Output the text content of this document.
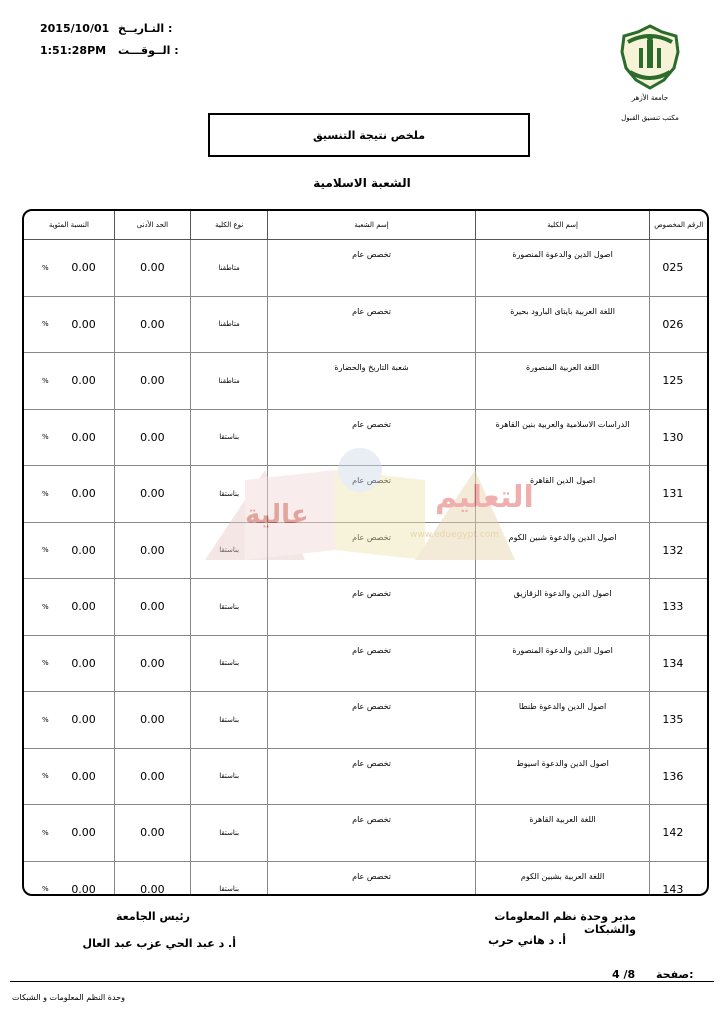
التـاريــخ :
2015/10/01
الــوقـــت :
1:51:28PM
جامعة الأزهر
مكتب تنسيق القبول
ملخص نتيجة التنسيق
الشعبة الاسلامية
الرقم المخصوص	إسم الكلية	إسم الشعبة	نوع الكلية	الحد الأدنى	النسبة المئوية
025	اصول الدين والدعوة المنصورة	تخصص عام	متاطقنا	0.00	0.00
%

026	اللغة العربية بايتاى البارود بحيرة	تخصص عام	متاطقنا	0.00	0.00
%

125	اللغة العربية المنصورة	شعبة التاريخ والحضارة	متاطقنا	0.00	0.00
%

130	الدراسات الاسلامية والعربية بنين القاهرة	تخصص عام	بناستقا	0.00	0.00
%

131	اصول الدين القاهرة	تخصص عام	بناستقا	0.00	0.00
%

132	اصول الدين والدعوة شبين الكوم	تخصص عام	بناستقا	0.00	0.00
%

133	اصول الدين والدعوة الزقازيق	تخصص عام	بناستقا	0.00	0.00
%

134	اصول الدين والدعوة المنصورة	تخصص عام	بناستقا	0.00	0.00
%

135	اصول الدين والدعوة طنطا	تخصص عام	بناستقا	0.00	0.00
%

136	اصول الدين والدعوة اسيوط	تخصص عام	بناستقا	0.00	0.00
%

142	اللغة العربية القاهرة	تخصص عام	بناستقا	0.00	0.00
%

143	اللغة العربية بشبين الكوم	تخصص عام	بناستقا	0.00	0.00
%

عالية	التعليم
www.eduegypt.com
مدير وحدة نظم المعلومات والشبكات
أ. د هاني حرب
رئيس الجامعة
أ. د عبد الحي عزب عبد العال
صفحة:
4 /8
وحدة النظم المعلومات و الشبكات
